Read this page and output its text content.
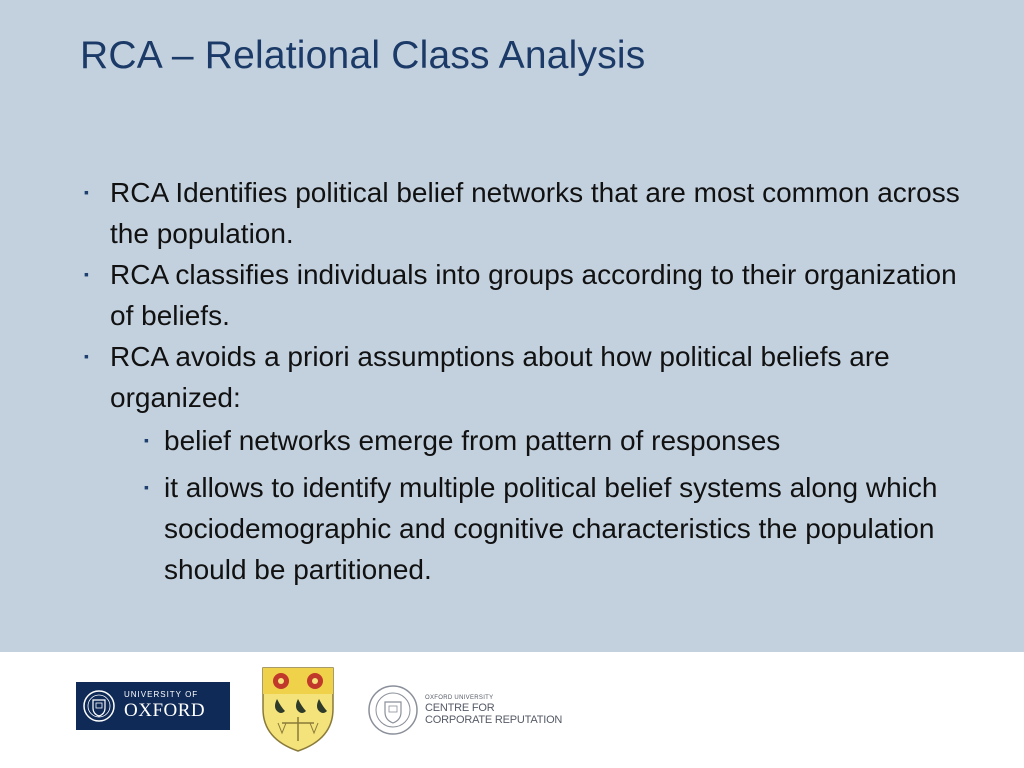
RCA – Relational Class Analysis
▪ RCA Identifies political belief networks that are most common across the population.
▪ RCA classifies individuals into groups according to their organization of beliefs.
▪ RCA avoids a priori assumptions about how political beliefs are organized:
▪ belief networks emerge from pattern of responses
▪ it allows to identify multiple political belief systems along which sociodemographic and cognitive characteristics the population should be partitioned.
UNIVERSITY OF
OXFORD
OXFORD UNIVERSITY
CENTRE FOR
CORPORATE REPUTATION
